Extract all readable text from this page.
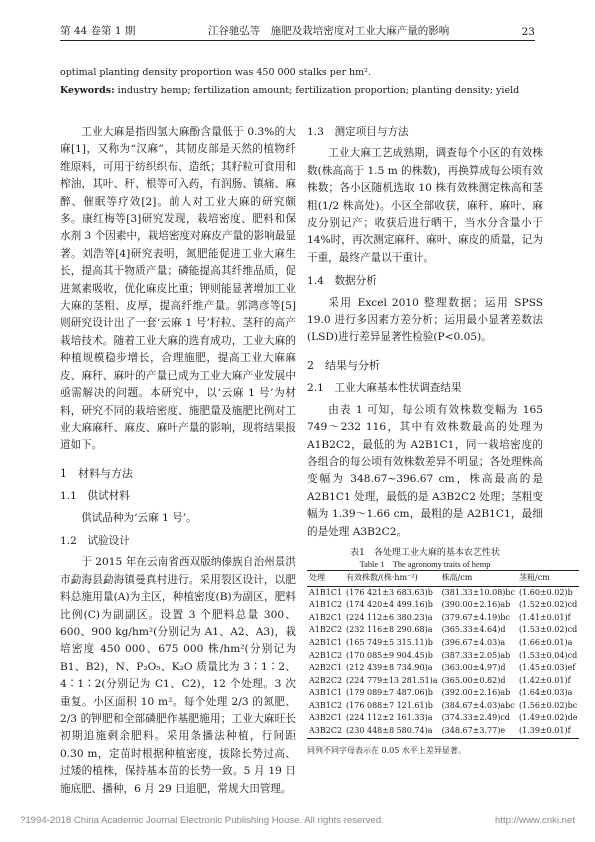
第 44 卷第 1 期	江谷驰弘等　施肥及栽培密度对工业大麻产量的影响	23
optimal planting density proportion was 450 000 stalks per hm².
Keywords: industry hemp; fertilization amount; fertilization proportion; planting density; yield

工业大麻是指四氢大麻酚含量低于 0.3%的大麻[1]，又称为“汉麻”，其韧皮部是天然的植物纤维原料，可用于纺织织布、造纸；其籽粒可食用和榨油，其叶、秆、根等可入药，有润肠、镇痛、麻醉、催眠等疗效[2]。前人对工业大麻的研究颇多。康红梅等[3]研究发现，栽培密度、肥料和保水剂 3 个因素中，栽培密度对麻皮产量的影响最显著。刘浩等[4]研究表明，氮肥能促进工业大麻生长，提高其干物质产量；磷能提高其纤维品质，促进氮素吸收，优化麻皮比重；钾则能显著增加工业大麻的茎粗、皮厚，提高纤维产量。郭鸿彦等[5]则研究设计出了一套‘云麻 1 号’籽粒、茎秆的高产栽培技术。随着工业大麻的选育成功，工业大麻的种植规模稳步增长，合理施肥，提高工业大麻麻皮、麻秆、麻叶的产量已成为工业大麻产业发展中亟需解决的问题。本研究中，以‘云麻 1 号’为材料，研究不同的栽培密度、施肥量及施肥比例对工业大麻麻秆、麻皮、麻叶产量的影响，现将结果报道如下。

1　材料与方法
1.1　供试材料

供试品种为‘云麻 1 号’。

1.2　试验设计

于 2015 年在云南省西双版纳傣族自治州景洪市勐海县勐海镇曼真村进行。采用裂区设计，以肥料总施用量(A)为主区，种植密度(B)为副区，肥料比例(C)为副副区。设置 3 个肥料总量 300、600、900 kg/hm²(分别记为 A1、A2、A3)，栽培密度 450 000、675 000 株/hm²(分别记为 B1、B2)，N、P₂O₅、K₂O 质量比为 3∶1∶2、4∶1∶2(分别记为 C1、C2)，12 个处理。3 次重复。小区面积 10 m²。每个处理 2/3 的氮肥、2/3 的钾肥和全部磷肥作基肥施用；工业大麻旺长初期追施剩余肥料。采用条播法种植，行间距 0.30 m，定苗时根据种植密度，拔除长势过高、过矮的植株，保持基本苗的长势一致。5 月 19 日施底肥、播种，6 月 29 日追肥，常规大田管理。

1.3　测定项目与方法

工业大麻工艺成熟期，调查每个小区的有效株数(株高高于 1.5 m 的株数)，再换算成每公顷有效株数；各小区随机选取 10 株有效株测定株高和茎粗(1/2 株高处)。小区全部收获，麻秆、麻叶、麻皮分别记产；收获后进行晒干，当水分含量小于 14%时，再次测定麻秆、麻叶、麻皮的质量，记为干重，最终产量以干重计。

1.4　数据分析

采用 Excel 2010 整理数据；运用 SPSS 19.0 进行多因素方差分析；运用最小显著差数法(LSD)进行差异显著性检验(P<0.05)。

2　结果与分析
2.1　工业大麻基本性状调查结果

由表 1 可知，每公顷有效株数变幅为 165 749～232 116，其中有效株数最高的处理为 A1B2C2，最低的为 A2B1C1，同一栽培密度的各组合的每公顷有效株数差异不明显；各处理株高变幅为 348.67~396.67 cm，株高最高的是 A2B1C1 处理，最低的是 A3B2C2 处理；茎粗变幅为 1.39～1.66 cm，最粗的是 A2B1C1，最细的是处理 A3B2C2。

表1　各处理工业大麻的基本农艺性状
Table 1　The agronomy traits of hemp
处理	有效株数/(株·hm⁻²)	株高/cm	茎粗/cm
A1B1C1	(176 421±3 683.63)b	(381.33±10.08)bc	(1.60±0.02)b
A1B1C2	(174 420±4 499.16)b	(390.00±2.16)ab	(1.52±0.02)cd
A1B2C1	(224 112±6 380.23)a	(379.67±4.19)bc	(1.41±0.01)f
A1B2C2	(232 116±8 290.68)a	(365.33±4.64)d	(1.53±0.02)cd
A2B1C1	(165 749±5 315.11)b	(396.67±4.03)a	(1.66±0.01)a
A2B1C2	(170 085±9 904.45)b	(387.33±2.05)ab	(1.53±0.04)cd
A2B2C1	(212 439±8 734.90)a	(363.00±4.97)d	(1.45±0.03)ef
A2B2C2	(224 779±13 281.51)a	(365.00±0.82)d	(1.42±0.01)f
A3B1C1	(179 089±7 487.06)b	(392.00±2.16)ab	(1.64±0.03)a
A3B1C2	(176 088±7 121.61)b	(384.67±4.03)abc	(1.56±0.02)bc
A3B2C1	(224 112±2 161.33)a	(374.33±2.49)cd	(1.49±0.02)de
A3B2C2	(230 448±8 580.74)a	(348.67±3.77)e	(1.39±0.01)f
同列不同字母表示在 0.05 水平上差异显著。
?1994-2018 China Academic Journal Electronic Publishing House. All rights reserved.	http://www.cnki.net
